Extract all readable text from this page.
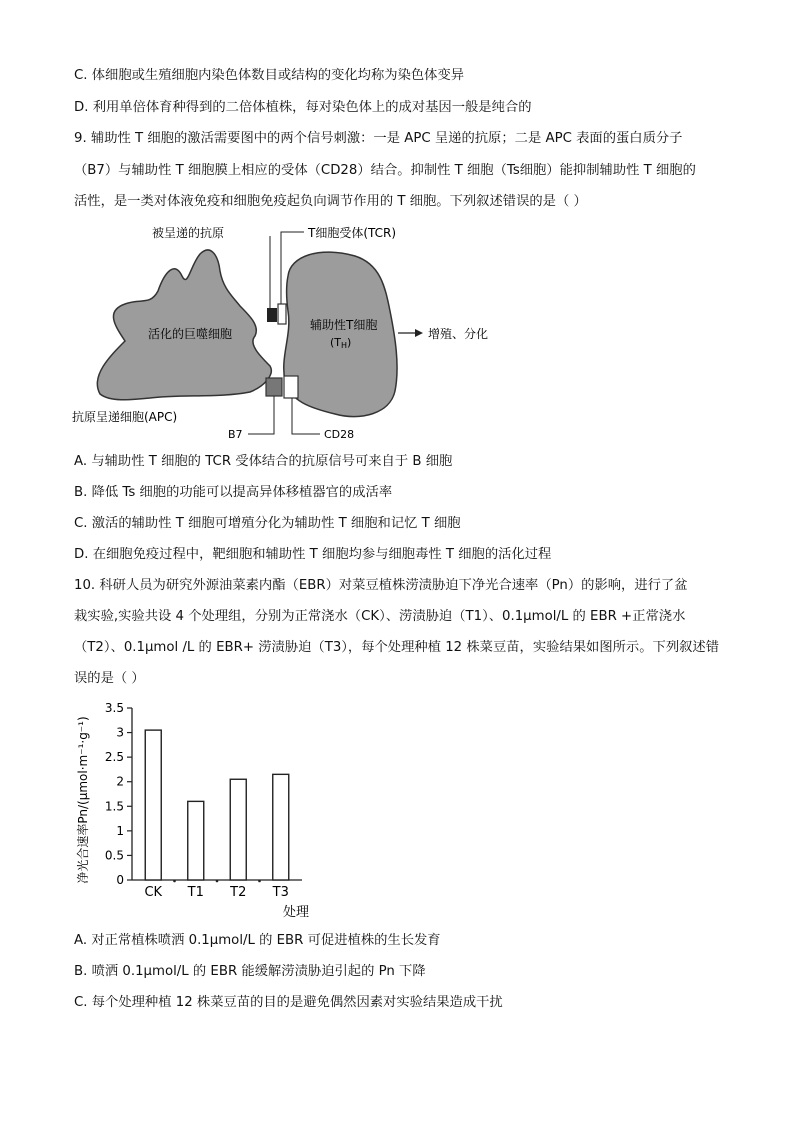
C. 体细胞或生殖细胞内染色体数目或结构的变化均称为染色体变异
D. 利用单倍体育种得到的二倍体植株，每对染色体上的成对基因一般是纯合的
9. 辅助性 T 细胞的激活需要图中的两个信号刺激：一是 APC 呈递的抗原；二是 APC 表面的蛋白质分子
（B7）与辅助性 T 细胞膜上相应的受体（CD28）结合。抑制性 T 细胞（Ts细胞）能抑制辅助性 T 细胞的
活性，是一类对体液免疫和细胞免疫起负向调节作用的 T 细胞。下列叙述错误的是（ ）
被呈递的抗原	T细胞受体(TCR)
活化的巨噬细胞
辅助性T细胞
(TH)
增殖、分化
抗原呈递细胞(APC)
B7	CD28
A. 与辅助性 T 细胞的 TCR 受体结合的抗原信号可来自于 B 细胞
B. 降低 Ts 细胞的功能可以提高异体移植器官的成活率
C. 激活的辅助性 T 细胞可增殖分化为辅助性 T 细胞和记忆 T 细胞
D. 在细胞免疫过程中，靶细胞和辅助性 T 细胞均参与细胞毒性 T 细胞的活化过程
10. 科研人员为研究外源油菜素内酯（EBR）对菜豆植株涝渍胁迫下净光合速率（Pn）的影响，进行了盆
栽实验,实验共设 4 个处理组，分别为正常浇水（CK）、涝渍胁迫（T1）、0.1μmol/L 的 EBR +正常浇水
（T2）、0.1μmol /L 的 EBR+ 涝渍胁迫（T3），每个处理种植 12 株菜豆苗，实验结果如图所示。下列叙述错
误的是（ ）
净光合速率Pn/(μmol·m⁻¹·g⁻¹)
处理
0
0.5
1
1.5
2
2.5
3
3.5
CK T1 T2 T3
A. 对正常植株喷洒 0.1μmol/L 的 EBR 可促进植株的生长发育
B. 喷洒 0.1μmol/L 的 EBR 能缓解涝渍胁迫引起的 Pn 下降
C. 每个处理种植 12 株菜豆苗的目的是避免偶然因素对实验结果造成干扰
